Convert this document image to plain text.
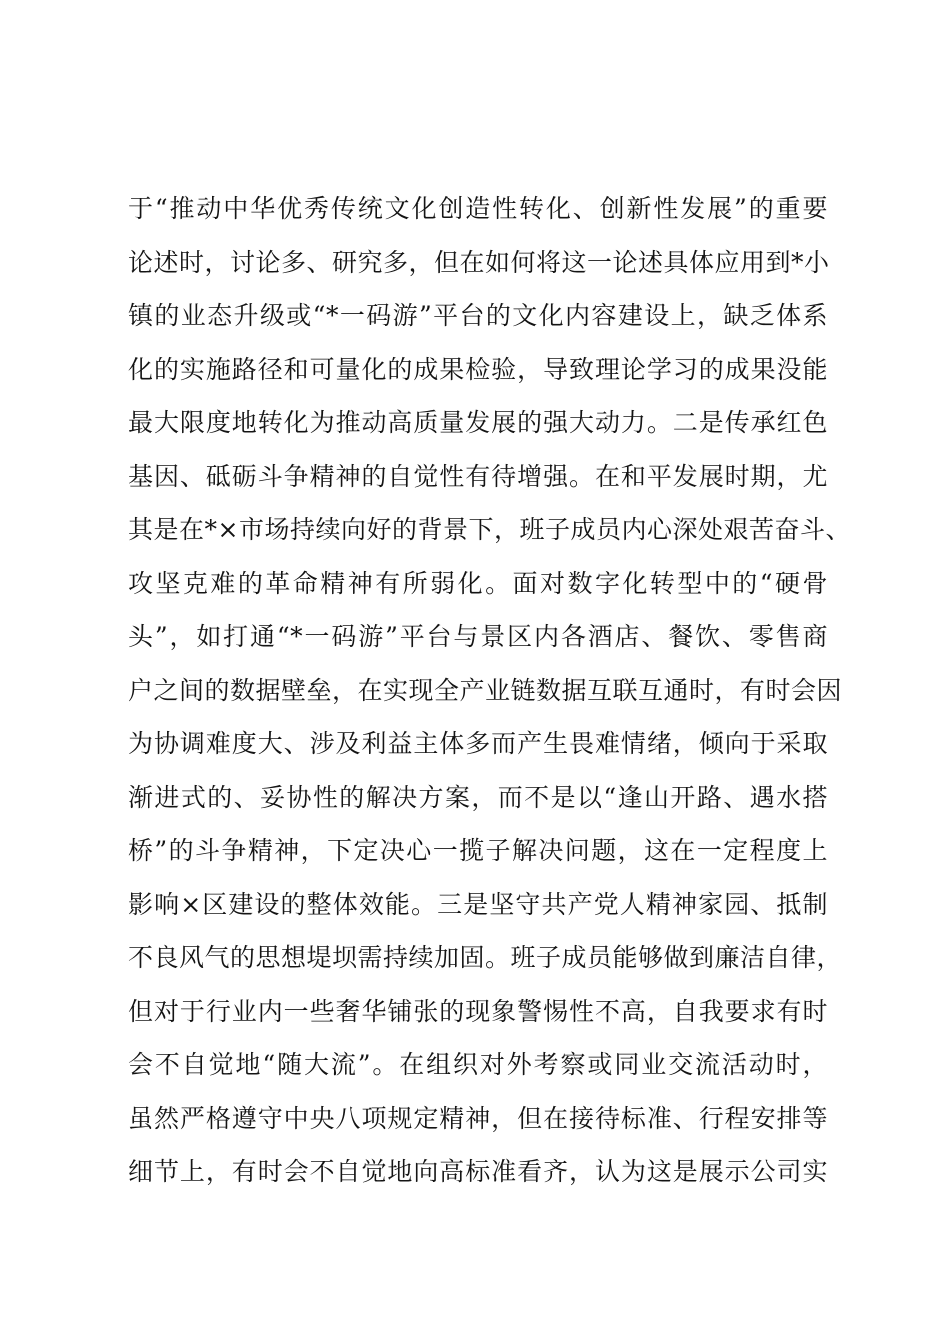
于“推动中华优秀传统文化创造性转化、创新性发展”的重要
论述时，讨论多、研究多，但在如何将这一论述具体应用到*小
镇的业态升级或“*一码游”平台的文化内容建设上，缺乏体系
化的实施路径和可量化的成果检验，导致理论学习的成果没能
最大限度地转化为推动高质量发展的强大动力。二是传承红色
基因、砥砺斗争精神的自觉性有待增强。在和平发展时期，尤
其是在*×市场持续向好的背景下，班子成员内心深处艰苦奋斗、
攻坚克难的革命精神有所弱化。面对数字化转型中的“硬骨
头”，如打通“*一码游”平台与景区内各酒店、餐饮、零售商
户之间的数据壁垒，在实现全产业链数据互联互通时，有时会因
为协调难度大、涉及利益主体多而产生畏难情绪，倾向于采取
渐进式的、妥协性的解决方案，而不是以“逢山开路、遇水搭
桥”的斗争精神，下定决心一揽子解决问题，这在一定程度上
影响×区建设的整体效能。三是坚守共产党人精神家园、抵制
不良风气的思想堤坝需持续加固。班子成员能够做到廉洁自律，
但对于行业内一些奢华铺张的现象警惕性不高，自我要求有时
会不自觉地“随大流”。在组织对外考察或同业交流活动时，
虽然严格遵守中央八项规定精神，但在接待标准、行程安排等
细节上，有时会不自觉地向高标准看齐，认为这是展示公司实
